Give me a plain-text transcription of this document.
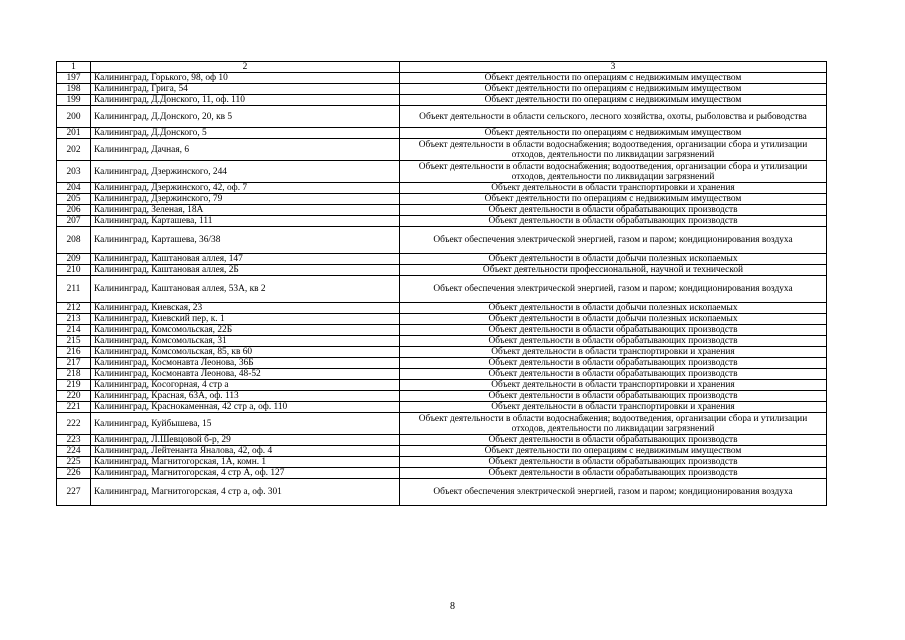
1	2	3
197	Калининград, Горького, 98, оф 10	Объект деятельности по операциям с недвижимым имуществом
198	Калининград, Грига, 54	Объект деятельности по операциям с недвижимым имуществом
199	Калининград, Д.Донского, 11, оф. 110	Объект деятельности по операциям с недвижимым имуществом
200	Калининград, Д.Донского, 20, кв 5	Объект деятельности в области сельского, лесного хозяйства, охоты, рыболовства и рыбоводства
201	Калининград, Д.Донского, 5	Объект деятельности по операциям с недвижимым имуществом
202	Калининград, Дачная, 6	Объект деятельности в области водоснабжения; водоотведения, организации сбора и утилизации отходов, деятельности по ликвидации загрязнений
203	Калининград, Дзержинского, 244	Объект деятельности в области водоснабжения; водоотведения, организации сбора и утилизации отходов, деятельности по ликвидации загрязнений
204	Калининград, Дзержинского, 42, оф. 7	Объект деятельности в области транспортировки и хранения
205	Калининград, Дзержинского, 79	Объект деятельности по операциям с недвижимым имуществом
206	Калининград, Зеленая, 18А	Объект деятельности в области обрабатывающих производств
207	Калининград, Карташева, 111	Объект деятельности в области обрабатывающих производств
208	Калининград, Карташева, 36/38	Объект обеспечения электрической энергией, газом и паром; кондиционирования воздуха
209	Калининград, Каштановая аллея, 147	Объект деятельности в области добычи полезных ископаемых
210	Калининград, Каштановая аллея, 2Б	Объект деятельности профессиональной, научной и технической
211	Калининград, Каштановая аллея, 53А, кв 2	Объект обеспечения электрической энергией, газом и паром; кондиционирования воздуха
212	Калининград, Киевская, 23	Объект деятельности в области добычи полезных ископаемых
213	Калининград, Киевский пер, к. 1	Объект деятельности в области добычи полезных ископаемых
214	Калининград, Комсомольская, 22Б	Объект деятельности в области обрабатывающих производств
215	Калининград, Комсомольская, 31	Объект деятельности в области обрабатывающих производств
216	Калининград, Комсомольская, 85, кв 60	Объект деятельности в области транспортировки и хранения
217	Калининград, Космонавта Леонова, 36Б	Объект деятельности в области обрабатывающих производств
218	Калининград, Космонавта Леонова, 48-52	Объект деятельности в области обрабатывающих производств
219	Калининград, Косогорная, 4 стр а	Объект деятельности в области транспортировки и хранения
220	Калининград, Красная, 63А, оф. 113	Объект деятельности в области обрабатывающих производств
221	Калининград, Краснокаменная, 42 стр а, оф. 110	Объект деятельности в области транспортировки и хранения
222	Калининград, Куйбышева, 15	Объект деятельности в области водоснабжения; водоотведения, организации сбора и утилизации отходов, деятельности по ликвидации загрязнений
223	Калининград, Л.Шевцовой б-р, 29	Объект деятельности в области обрабатывающих производств
224	Калининград, Лейтенанта Яналова, 42, оф. 4	Объект деятельности по операциям с недвижимым имуществом
225	Калининград, Магнитогорская, 1А, комн. 1	Объект деятельности в области обрабатывающих производств
226	Калининград, Магнитогорская, 4 стр А, оф. 127	Объект деятельности в области обрабатывающих производств
227	Калининград, Магнитогорская, 4 стр а, оф. 301	Объект обеспечения электрической энергией, газом и паром; кондиционирования воздуха
8
